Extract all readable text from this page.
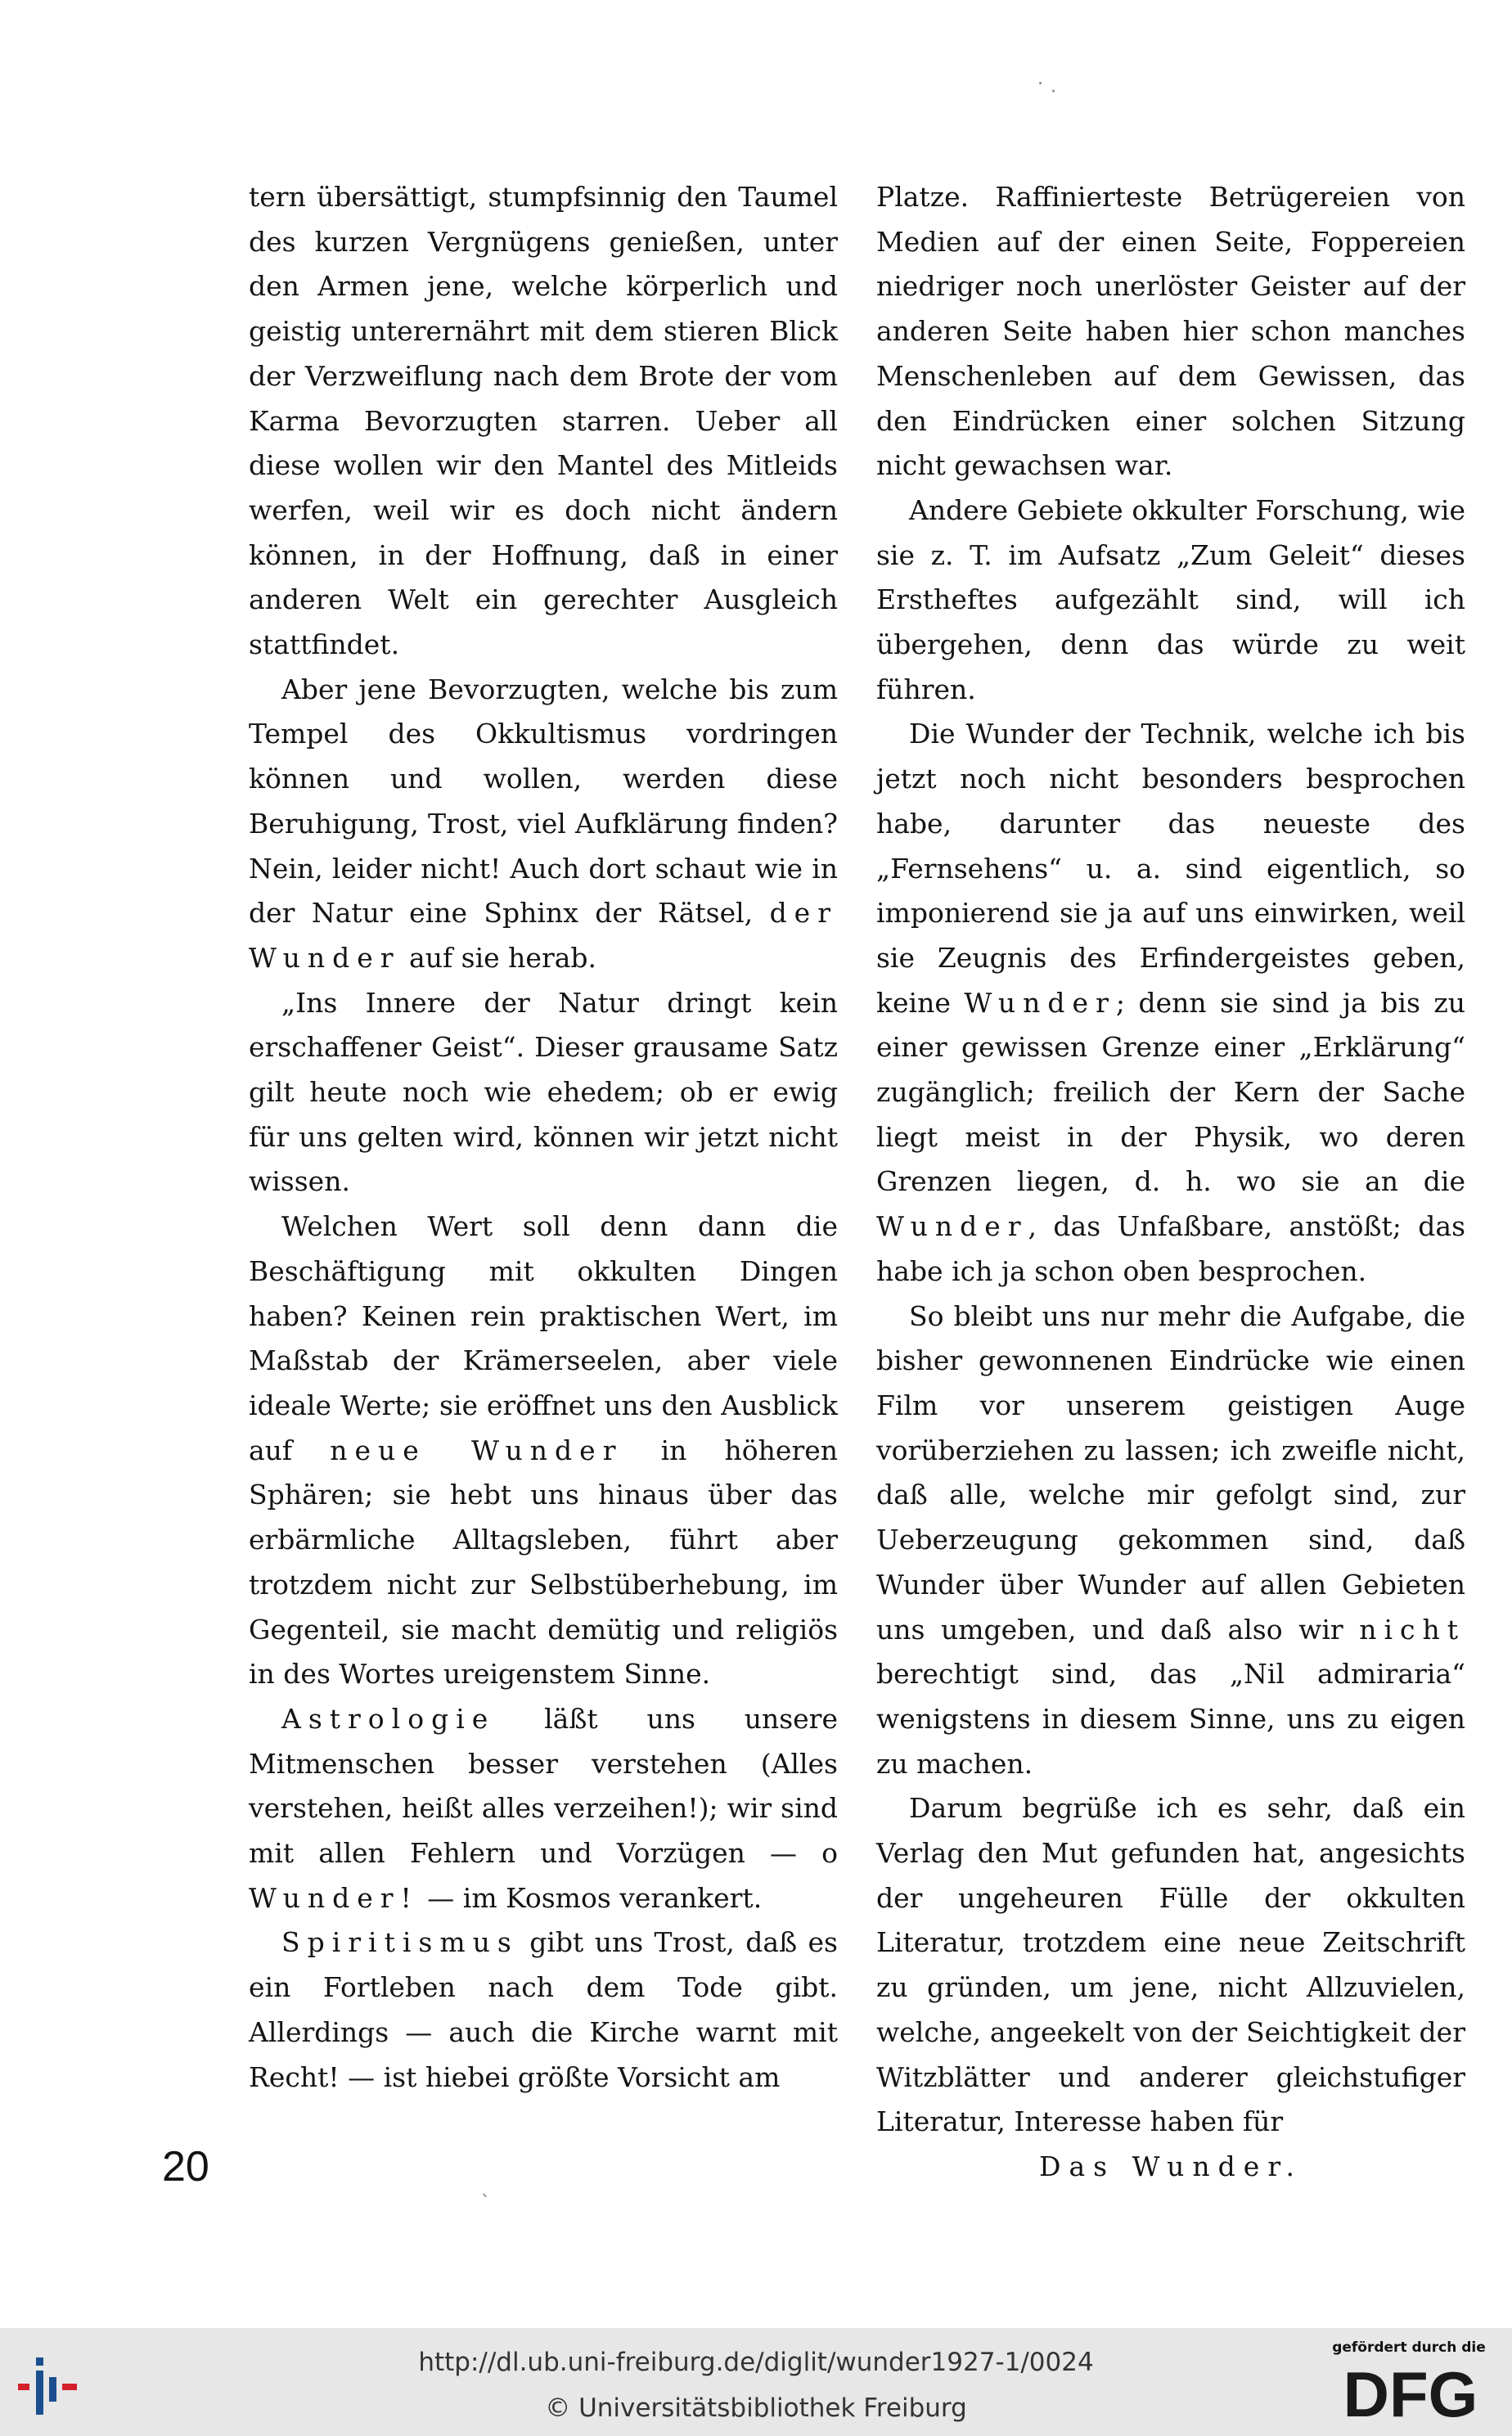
.
·

tern übersättigt, stumpfsinnig den Taumel des kurzen Vergnügens genießen, unter den Armen jene, welche körperlich und geistig unterernährt mit dem stieren Blick der Verzweiflung nach dem Brote der vom Karma Bevorzugten starren. Ueber all diese wollen wir den Mantel des Mitleids werfen, weil wir es doch nicht ändern können, in der Hoffnung, daß in einer anderen Welt ein gerechter Ausgleich stattfindet.

Aber jene Bevorzugten, welche bis zum Tempel des Okkultismus vordringen können und wollen, werden diese Beruhigung, Trost, viel Aufklärung finden? Nein, leider nicht! Auch dort schaut wie in der Natur eine Sphinx der Rätsel, der Wunder auf sie herab.

„Ins Innere der Natur dringt kein erschaffener Geist“. Dieser grausame Satz gilt heute noch wie ehedem; ob er ewig für uns gelten wird, können wir jetzt nicht wissen.

Welchen Wert soll denn dann die Beschäftigung mit okkulten Dingen haben? Keinen rein praktischen Wert, im Maßstab der Krämerseelen, aber viele ideale Werte; sie eröffnet uns den Ausblick auf neue Wunder in höheren Sphären; sie hebt uns hinaus über das erbärmliche Alltagsleben, führt aber trotzdem nicht zur Selbstüberhebung, im Gegenteil, sie macht demütig und religiös in des Wortes ureigenstem Sinne.

Astrologie läßt uns unsere Mitmenschen besser verstehen (Alles verstehen, heißt alles verzeihen!); wir sind mit allen Fehlern und Vorzügen — o Wunder! — im Kosmos verankert.

Spiritismus gibt uns Trost, daß es ein Fortleben nach dem Tode gibt. Allerdings — auch die Kirche warnt mit Recht! — ist hiebei größte Vorsicht am

Platze. Raffinierteste Betrügereien von Medien auf der einen Seite, Foppereien niedriger noch unerlöster Geister auf der anderen Seite haben hier schon manches Menschenleben auf dem Gewissen, das den Eindrücken einer solchen Sitzung nicht gewachsen war.

Andere Gebiete okkulter Forschung, wie sie z. T. im Aufsatz „Zum Geleit“ dieses Erstheftes aufgezählt sind, will ich übergehen, denn das würde zu weit führen.

Die Wunder der Technik, welche ich bis jetzt noch nicht besonders besprochen habe, darunter das neueste des „Fernsehens“ u. a. sind eigentlich, so imponierend sie ja auf uns einwirken, weil sie Zeugnis des Erfindergeistes geben, keine Wunder; denn sie sind ja bis zu einer gewissen Grenze einer „Erklärung“ zugänglich; freilich der Kern der Sache liegt meist in der Physik, wo deren Grenzen liegen, d. h. wo sie an die Wunder, das Unfaßbare, anstößt; das habe ich ja schon oben besprochen.

So bleibt uns nur mehr die Aufgabe, die bisher gewonnenen Eindrücke wie einen Film vor unserem geistigen Auge vorüberziehen zu lassen; ich zweifle nicht, daß alle, welche mir gefolgt sind, zur Ueberzeugung gekommen sind, daß Wunder über Wunder auf allen Gebieten uns umgeben, und daß also wir nicht berechtigt sind, das „Nil admiraria“ wenigstens in diesem Sinne, uns zu eigen zu machen.

Darum begrüße ich es sehr, daß ein Verlag den Mut gefunden hat, angesichts der ungeheuren Fülle der okkulten Literatur, trotzdem eine neue Zeitschrift zu gründen, um jene, nicht Allzuvielen, welche, angeekelt von der Seichtigkeit der Witzblätter und anderer gleichstufiger Literatur, Interesse haben für

Das Wunder.

`
20
http://dl.ub.uni-freiburg.de/diglit/wunder1927-1/0024
© Universitätsbibliothek Freiburg
gefördert durch die
DFG
